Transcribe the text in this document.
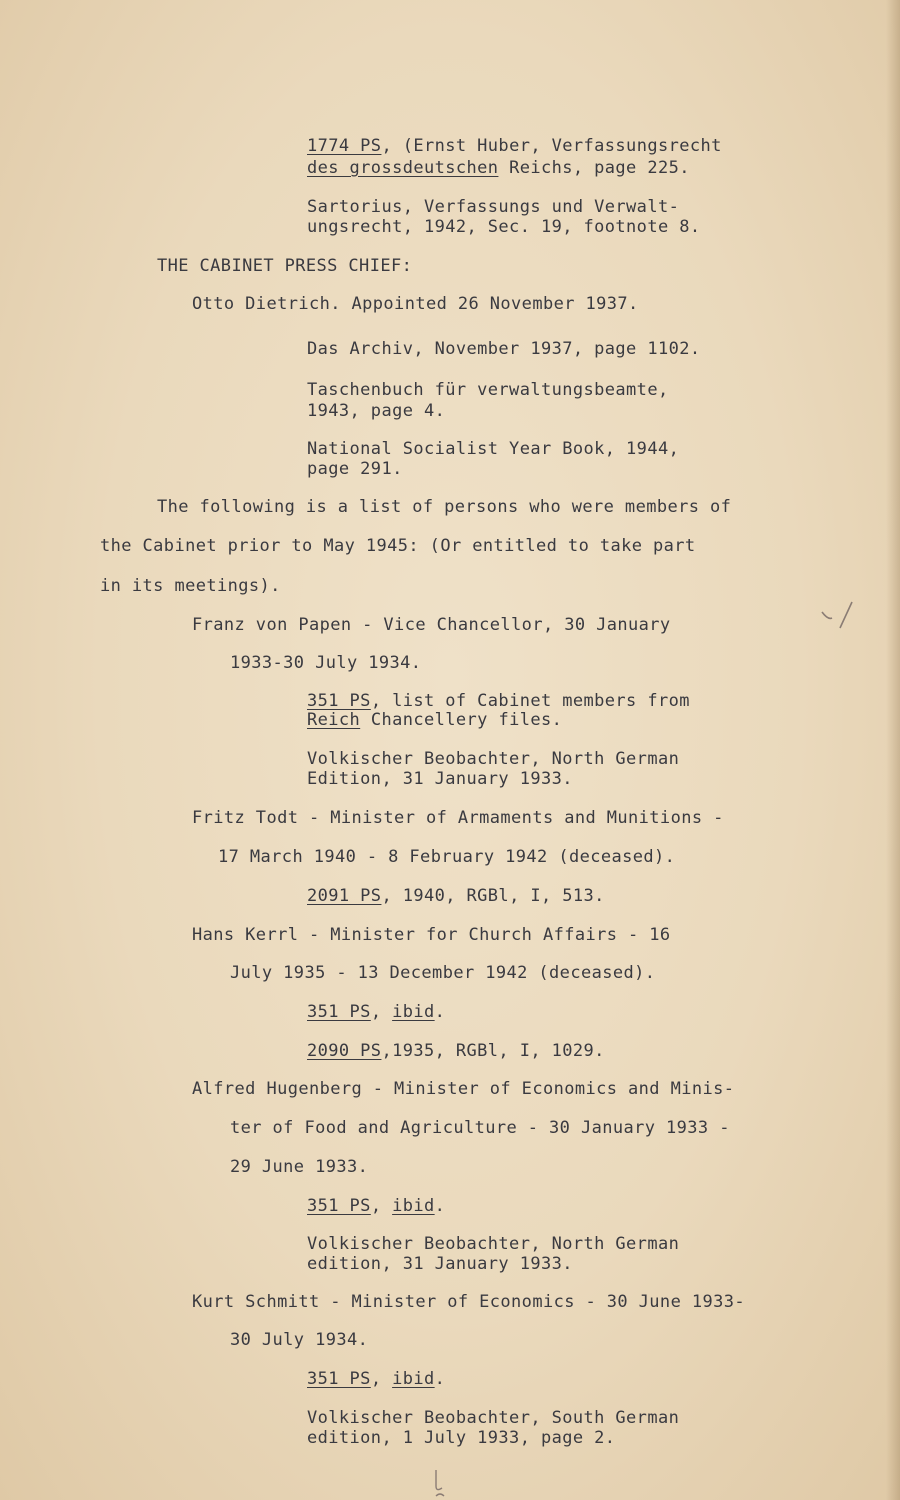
1774 PS, (Ernst Huber, Verfassungsrecht
des grossdeutschen Reichs, page 225.
Sartorius, Verfassungs und Verwalt-
ungsrecht, 1942, Sec. 19, footnote 8.
THE CABINET PRESS CHIEF:
Otto Dietrich. Appointed 26 November 1937.
Das Archiv, November 1937, page 1102.
Taschenbuch für verwaltungsbeamte,
1943, page 4.
National Socialist Year Book, 1944,
page 291.
The following is a list of persons who were members of
the Cabinet prior to May 1945: (Or entitled to take part
in its meetings).
Franz von Papen - Vice Chancellor, 30 January
1933-30 July 1934.
351 PS, list of Cabinet members from
Reich Chancellery files.
Volkischer Beobachter, North German
Edition, 31 January 1933.
Fritz Todt - Minister of Armaments and Munitions -
17 March 1940 - 8 February 1942 (deceased).
2091 PS, 1940, RGBl, I, 513.
Hans Kerrl - Minister for Church Affairs - 16
July 1935 - 13 December 1942 (deceased).
351 PS, ibid.
2090 PS,1935, RGBl, I, 1029.
Alfred Hugenberg - Minister of Economics and Minis-
ter of Food and Agriculture - 30 January 1933 -
29 June 1933.
351 PS, ibid.
Volkischer Beobachter, North German
edition, 31 January 1933.
Kurt Schmitt - Minister of Economics - 30 June 1933-
30 July 1934.
351 PS, ibid.
Volkischer Beobachter, South German
edition, 1 July 1933, page 2.
